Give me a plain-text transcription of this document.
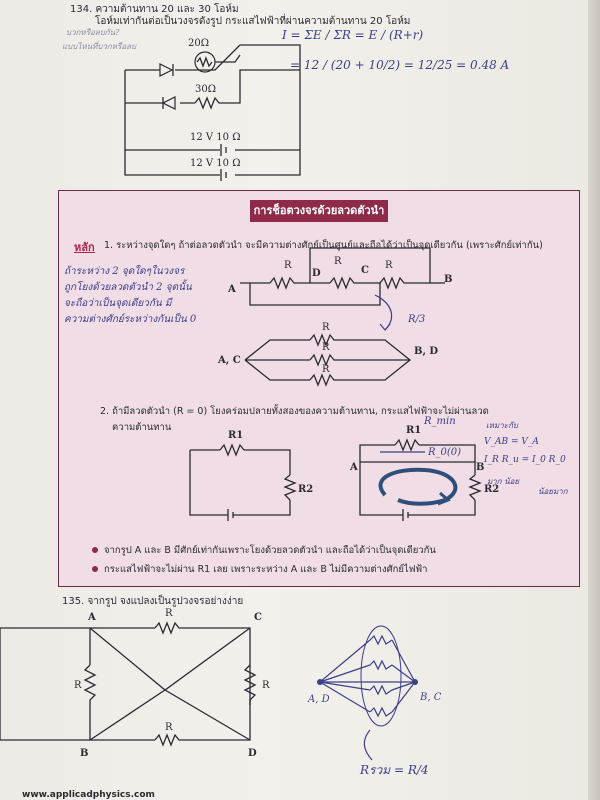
134. ความต้านทาน 20 และ 30 โอห์ม
โอห์มเท่ากันต่อเป็นวงจรดังรูป กระแสไฟฟ้าที่ผ่านความต้านทาน 20 โอห์ม
บวกหรือลบกัน?
แบบไหนที่บวกหรือลบ	20Ω
30Ω
12 V 10 Ω
12 V 10 Ω
I = ΣE / ΣR = E / (R+r)
= 12 / (20 + 10/2) = 12/25 = 0.48 A
การช็อตวงจรด้วยลวดตัวนำ
หลัก 1. ระหว่างจุดใดๆ ถ้าต่อลวดตัวนำ จะมีความต่างศักย์เป็นศูนย์และถือได้ว่าเป็นจุดเดียวกัน (เพราะศักย์เท่ากัน)
ถ้าระหว่าง 2 จุดใดๆในวงจร
ถูกโยงด้วยลวดตัวนำ 2 จุดนั้น
จะถือว่าเป็นจุดเดียวกัน มี
ความต่างศักย์ระหว่างกันเป็น 0
A
B
D	C
R	R	R
R/3
R
R
R
A, C
B, D
2. ถ้ามีลวดตัวนำ (R = 0) โยงคร่อมปลายทั้งสองของความต้านทาน, กระแสไฟฟ้าจะไม่ผ่านลวด
ความต้านทาน
R1
R2
A	B
R1
R2
R_min
R_0(0)
เหมาะกับ
V_AB = V_A
I_R R_u = I_0 R_0
มาก น้อย
น้อยมาก
จากรูป A และ B มีศักย์เท่ากันเพราะโยงด้วยลวดตัวนำ และถือได้ว่าเป็นจุดเดียวกัน
กระแสไฟฟ้าจะไม่ผ่าน R1 เลย เพราะระหว่าง A และ B ไม่มีความต่างศักย์ไฟฟ้า
135. จากรูป จงแปลงเป็นรูปวงจรอย่างง่าย
A	C
B	D
R
R
R	R
A, D	B, C
Rรวม = R/4
www.applicadphysics.com
